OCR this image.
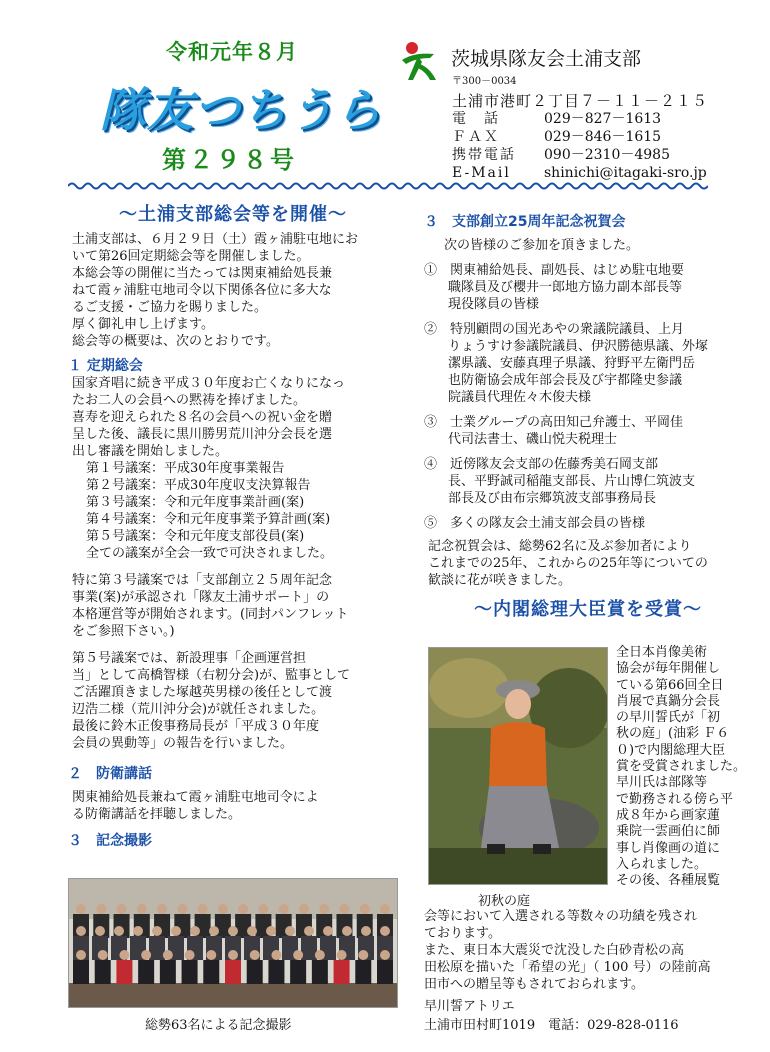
令和元年８月
隊友つちうら
第２９８号
茨城県隊友会土浦支部
〒300－0034
土浦市港町２丁目７－１１－２１５
電　話	029－827－1613
ＦＡＸ	029－846－1615
携帯電話	090－2310－4985
E-Mail	shinichi@itagaki-sro.jp
～土浦支部総会等を開催～

土浦支部は、６月２９日（土）霞ヶ浦駐屯地にお

いて第26回定期総会等を開催しました。

本総会等の開催に当たっては関東補給処長兼

ねて霞ヶ浦駐屯地司令以下関係各位に多大な

るご支援・ご協力を賜りました。

厚く御礼申し上げます。

総会等の概要は、次のとおりです。

１ 定期総会

国家斉唱に続き平成３０年度お亡くなりになっ

たお二人の会員への黙祷を捧げました。

喜寿を迎えられた８名の会員への祝い金を贈

呈した後、議長に黒川勝男荒川沖分会長を選

出し審議を開始しました。

第１号議案：平成30年度事業報告

第２号議案：平成30年度収支決算報告

第３号議案：令和元年度事業計画(案)

第４号議案：令和元年度事業予算計画(案)

第５号議案：令和元年度支部役員(案)

全ての議案が全会一致で可決されました。

特に第３号議案では「支部創立２５周年記念

事業(案)が承認され「隊友土浦サポート」の

本格運営等が開始されます。(同封パンフレット

をご参照下さい。)

第５号議案では、新設理事「企画運営担

当」として高橋智様（右籾分会)が、監事として

ご活躍頂きました塚越英男様の後任として渡

辺浩二様（荒川沖分会)が就任されました。

最後に鈴木正俊事務局長が「平成３０年度

会員の異動等」の報告を行いました。

２　防衛講話

関東補給処長兼ねて霞ヶ浦駐屯地司令によ

る防衛講話を拝聴しました。

３　記念撮影
総勢63名による記念撮影
３　支部創立25周年記念祝賀会
次の皆様のご参加を頂きました。

①　関東補給処長、副処長、はじめ駐屯地要

職隊員及び櫻井一郎地方協力副本部長等

現役隊員の皆様

②　特別顧問の国光あやの衆議院議員、上月

りょうすけ参議院議員、伊沢勝徳県議、外塚

潔県議、安藤真理子県議、狩野平左衛門岳

也防衛協会成年部会長及び宇都隆史参議

院議員代理佐々木俊夫様

③　士業グループの高田知己弁護士、平岡佳

代司法書士、磯山悦夫税理士

④　近傍隊友会支部の佐藤秀美石岡支部

長、平野誠司稲龍支部長、片山博仁筑波支

部長及び由布宗郷筑波支部事務局長

⑤　多くの隊友会土浦支部会員の皆様

記念祝賀会は、総勢62名に及ぶ参加者により

これまでの25年、これからの25年等についての

歓談に花が咲きました。

～内閣総理大臣賞を受賞～

全日本肖像美術

協会が毎年開催し

ている第66回全日

肖展で真鍋分会長

の早川誓氏が「初

秋の庭」(油彩 Ｆ６

０)で内閣総理大臣

賞を受賞されました。

早川氏は部隊等

で勤務される傍ら平

成８年から画家蓮

乗院一雲画伯に師

事し肖像画の道に

入られました。

その後、各種展覧

初秋の庭

会等において入選される等数々の功績を残され

ております。

また、東日本大震災で沈没した白砂青松の高

田松原を描いた「希望の光」（ 100 号）の陸前高

田市への贈呈等もされておられます。

早川誓アトリエ
土浦市田村町1019　電話：029-828-0116
